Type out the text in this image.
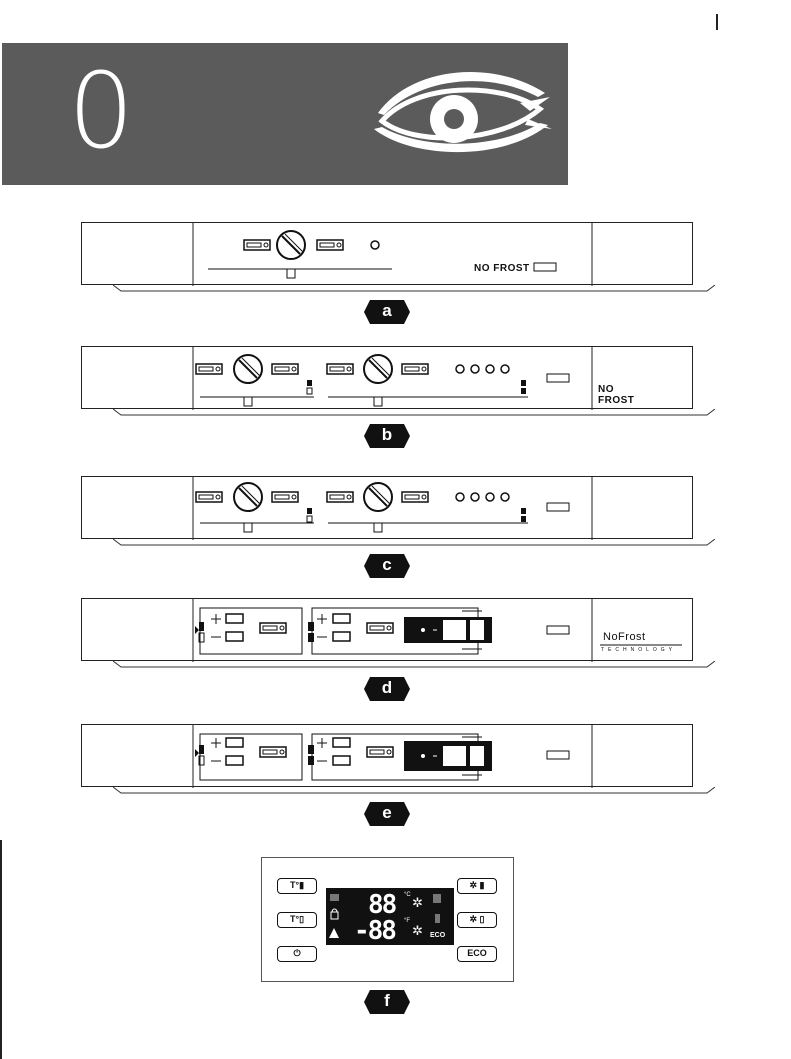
0
NO FROST
a
NO
FROST
b
c
NoFrost
TECHNOLOGY
d
e
T°▮
T°▯
⏻
✲ ▮
✲ ▯
ECO
88 °C ✲
-88 °F
✲ ECO
f
